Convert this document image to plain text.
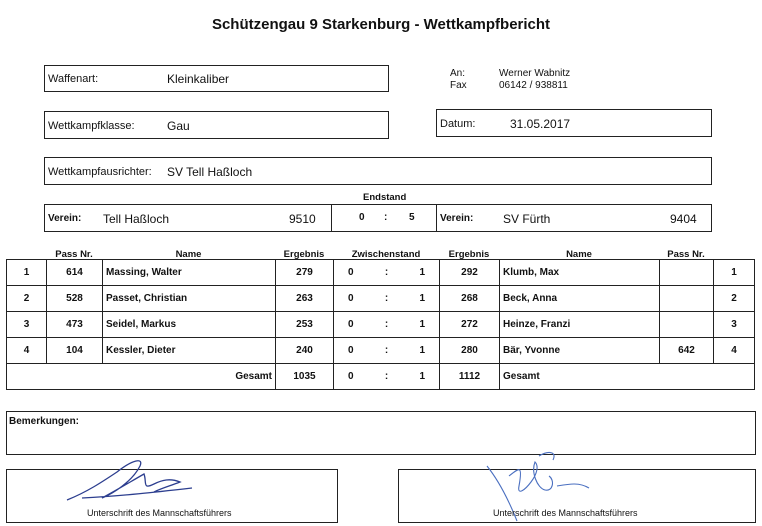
Schützengau 9 Starkenburg - Wettkampfbericht
Waffenart:	Kleinkaliber	An:	Werner Wabnitz
Fax	06142 / 938811
Wettkampfklasse:	Gau	Datum:	31.05.2017
Wettkampfausrichter: SV Tell Haßloch
Endstand
Verein: Tell Haßloch	9510	0 : 5	Verein: SV Fürth	9404
Pass Nr.	Name	Ergebnis	Zwischenstand	Ergebnis	Name	Pass Nr.
1	614	Massing, Walter	279	0	:	1	292	Klumb, Max		1
2	528	Passet, Christian	263	0	:	1	268	Beck, Anna		2
3	473	Seidel, Markus	253	0	:	1	272	Heinze, Franzi		3
4	104	Kessler, Dieter	240	0	:	1	280	Bär, Yvonne	642	4
Gesamt			1035	0	:	1	1112	Gesamt		
Bemerkungen:
Unterschrift des Mannschaftsführers	Unterschrift des Mannschaftsführers
